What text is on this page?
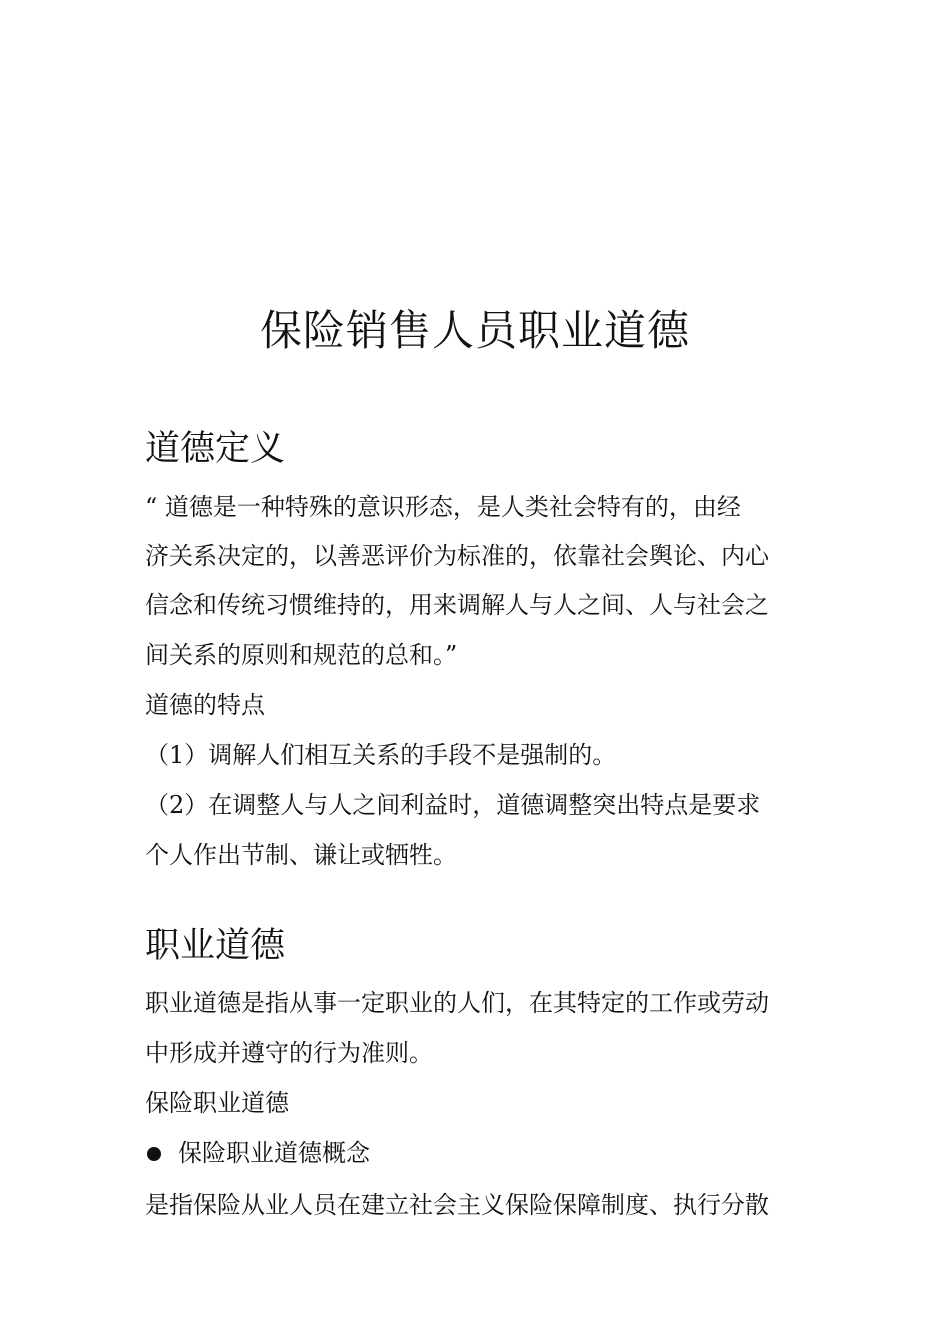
保险销售人员职业道德
道德定义
“ 道德是一种特殊的意识形态，是人类社会特有的，由经
济关系决定的，以善恶评价为标准的，依靠社会舆论、内心
信念和传统习惯维持的，用来调解人与人之间、人与社会之
间关系的原则和规范的总和。”
道德的特点
（1）调解人们相互关系的手段不是强制的。
（2）在调整人与人之间利益时，道德调整突出特点是要求
个人作出节制、谦让或牺牲。
职业道德
职业道德是指从事一定职业的人们，在其特定的工作或劳动
中形成并遵守的行为准则。
保险职业道德
保险职业道德概念
是指保险从业人员在建立社会主义保险保障制度、执行分散
